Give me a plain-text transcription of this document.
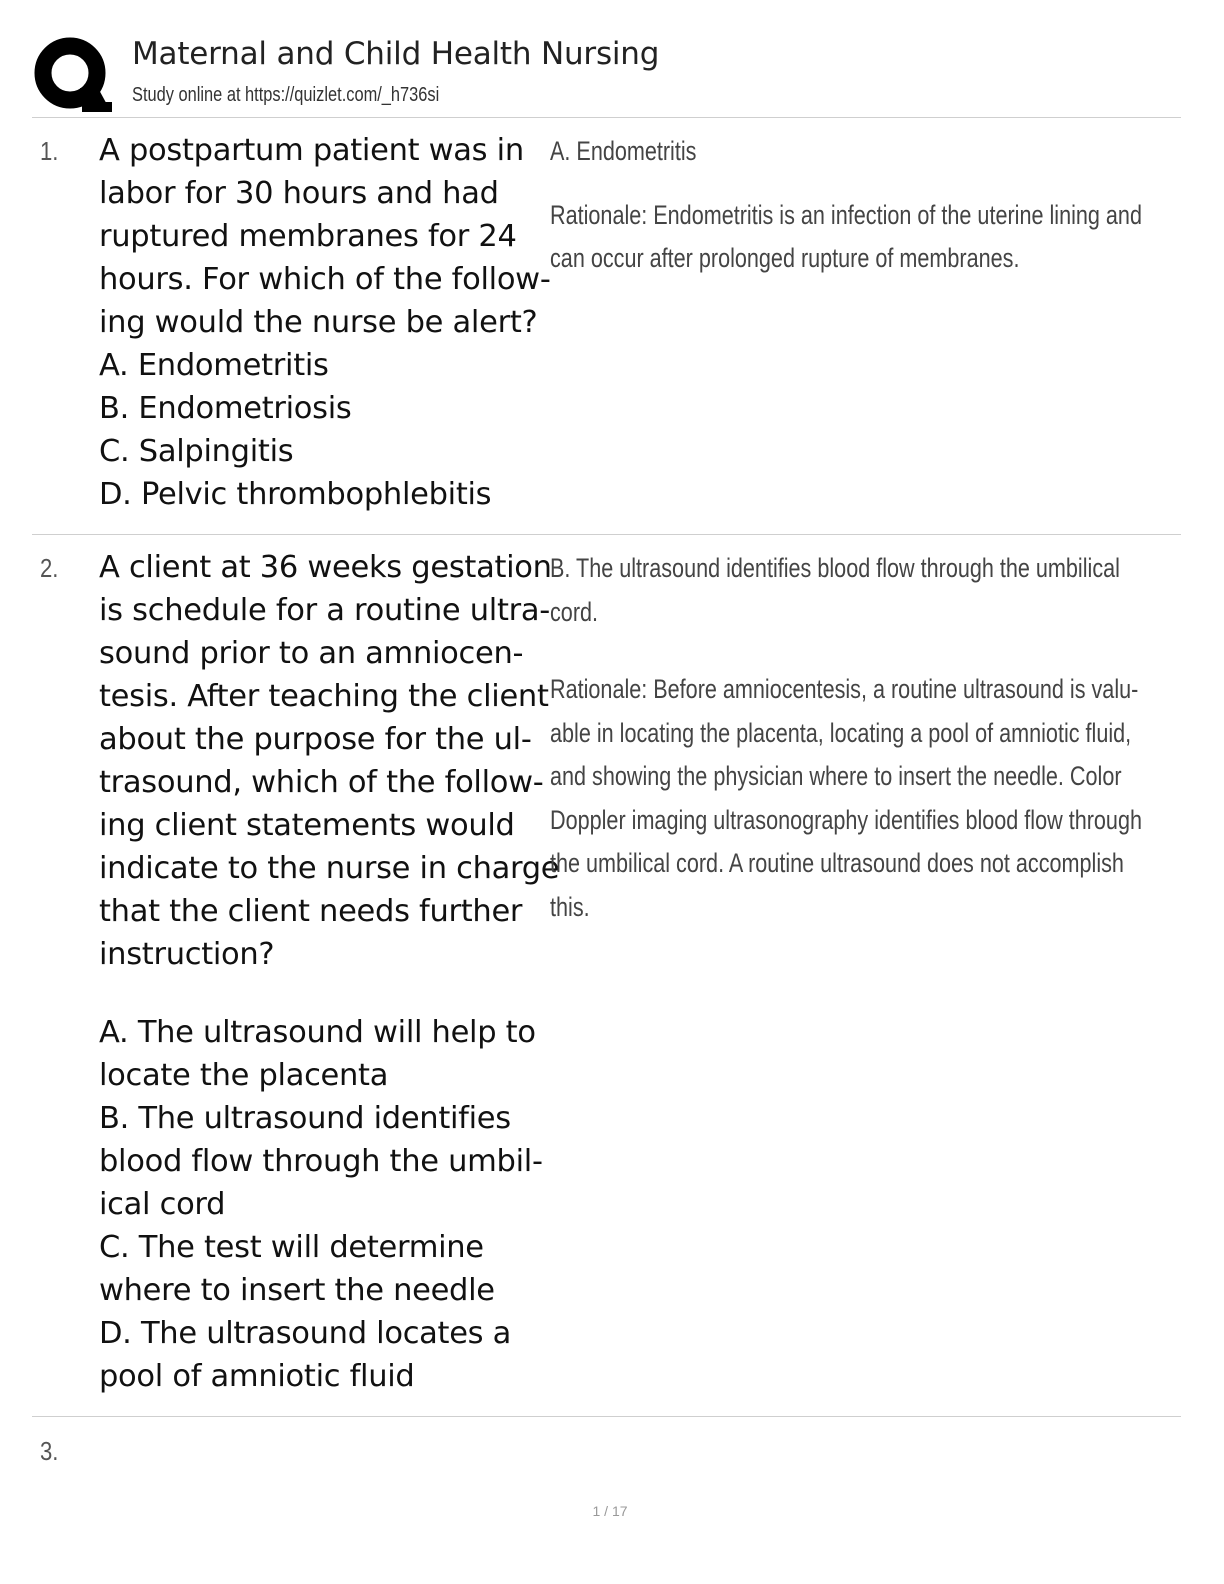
Maternal and Child Health Nursing
Study online at https://quizlet.com/_h736si
1. A postpartum patient was in
labor for 30 hours and had
ruptured membranes for 24
hours. For which of the follow-
ing would the nurse be alert?
A. Endometritis
B. Endometriosis
C. Salpingitis
D. Pelvic thrombophlebitis
A. Endometritis
Rationale: Endometritis is an infection of the uterine lining and
can occur after prolonged rupture of membranes.
2. A client at 36 weeks gestation
is schedule for a routine ultra-
sound prior to an amniocen-
tesis. After teaching the client
about the purpose for the ul-
trasound, which of the follow-
ing client statements would
indicate to the nurse in charge
that the client needs further
instruction?
A. The ultrasound will help to
locate the placenta
B. The ultrasound identifies
blood flow through the umbil-
ical cord
C. The test will determine
where to insert the needle
D. The ultrasound locates a
pool of amniotic fluid
B. The ultrasound identifies blood flow through the umbilical
cord.
Rationale: Before amniocentesis, a routine ultrasound is valu-
able in locating the placenta, locating a pool of amniotic fluid,
and showing the physician where to insert the needle. Color
Doppler imaging ultrasonography identifies blood flow through
the umbilical cord. A routine ultrasound does not accomplish
this.
3.
1 / 17
